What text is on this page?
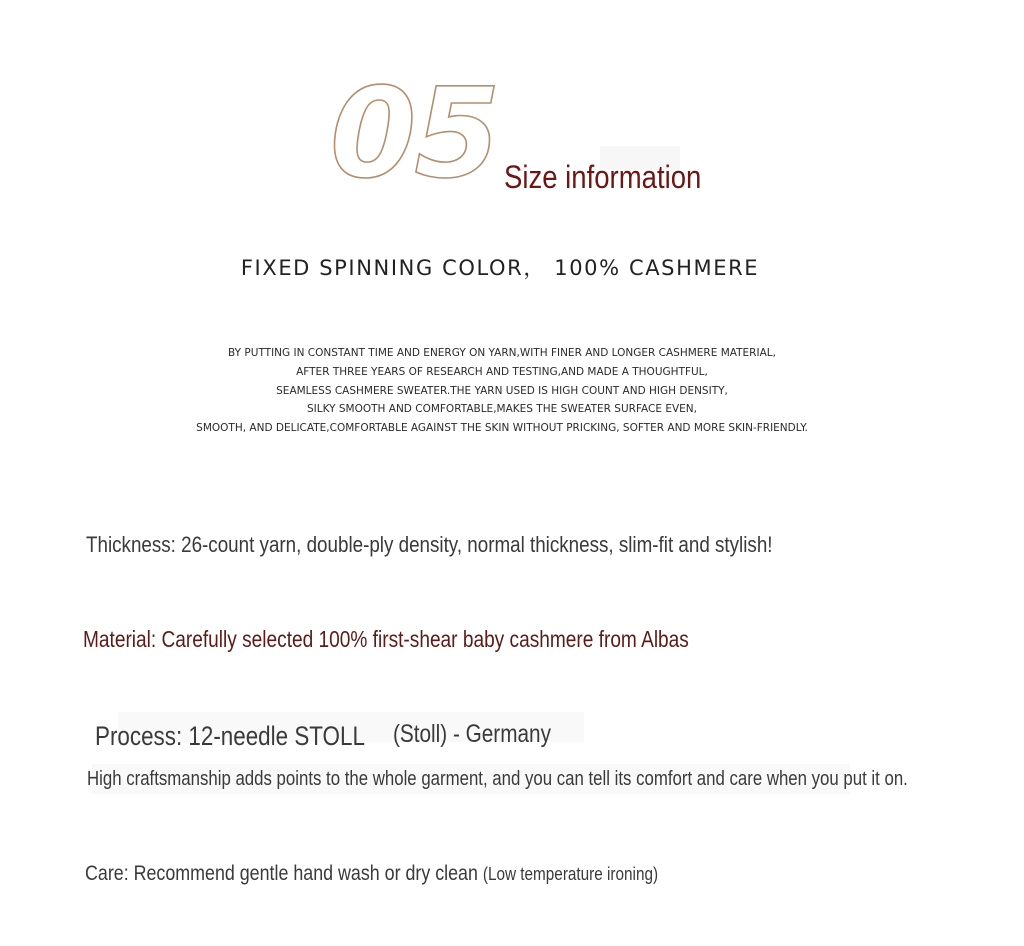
05 Size information
FIXED SPINNING COLOR， 100% CASHMERE
BY PUTTING IN CONSTANT TIME AND ENERGY ON YARN,WITH FINER AND LONGER CASHMERE MATERIAL,
AFTER THREE YEARS OF RESEARCH AND TESTING,AND MADE A THOUGHTFUL,
SEAMLESS CASHMERE SWEATER.THE YARN USED IS HIGH COUNT AND HIGH DENSITY,
SILKY SMOOTH AND COMFORTABLE,MAKES THE SWEATER SURFACE EVEN,
SMOOTH, AND DELICATE,COMFORTABLE AGAINST THE SKIN WITHOUT PRICKING, SOFTER AND MORE SKIN-FRIENDLY.
Thickness: 26-count yarn, double-ply density, normal thickness, slim-fit and stylish!
Material: Carefully selected 100% first-shear baby cashmere from Albas
Process: 12-needle STOLL (Stoll) - Germany
High craftsmanship adds points to the whole garment, and you can tell its comfort and care when you put it on.
Care: Recommend gentle hand wash or dry clean (Low temperature ironing)
